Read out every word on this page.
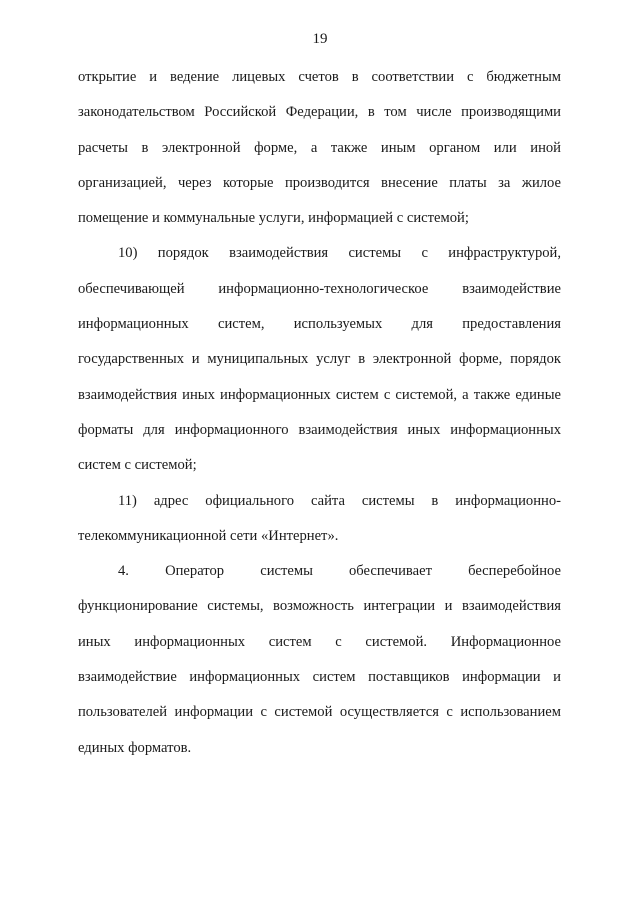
19
открытие и ведение лицевых счетов в соответствии с бюджетным
законодательством Российской Федерации, в том числе производящими
расчеты в электронной форме, а также иным органом или иной
организацией, через которые производится внесение платы за жилое
помещение и коммунальные услуги, информацией с системой;
10) порядок взаимодействия системы с инфраструктурой,
обеспечивающей информационно-технологическое взаимодействие
информационных систем, используемых для предоставления
государственных и муниципальных услуг в электронной форме, порядок
взаимодействия иных информационных систем с системой, а также единые
форматы для информационного взаимодействия иных информационных
систем с системой;
11) адрес официального сайта системы в информационно-
телекоммуникационной сети «Интернет».
4. Оператор системы обеспечивает бесперебойное
функционирование системы, возможность интеграции и взаимодействия
иных информационных систем с системой. Информационное
взаимодействие информационных систем поставщиков информации и
пользователей информации с системой осуществляется с использованием
единых форматов.
